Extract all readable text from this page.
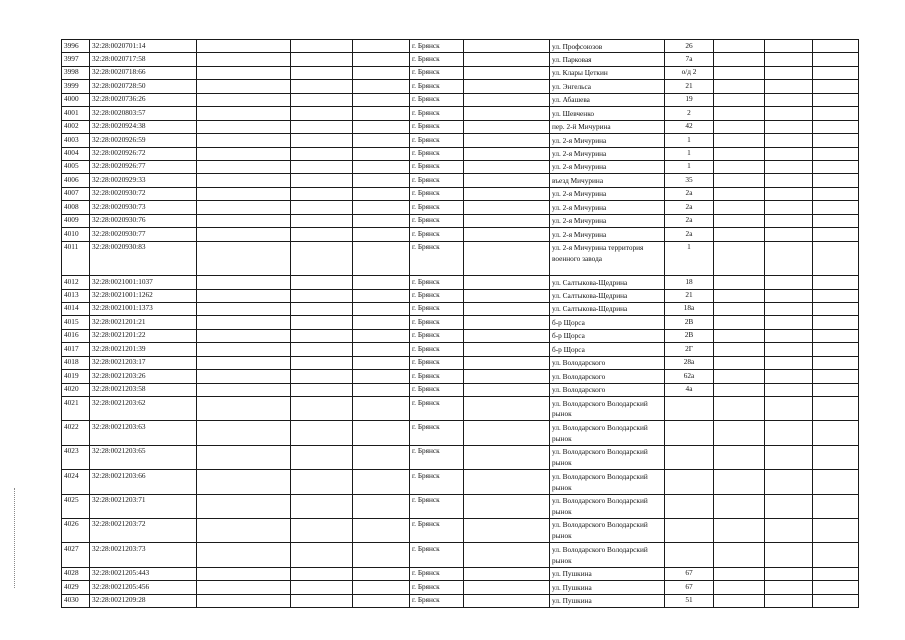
3996	32:28:0020701:14				г. Брянск		ул. Профсоюзов	26			
3997	32:28:0020717:58				г. Брянск		ул. Парковая	7а			
3998	32:28:0020718:66				г. Брянск		ул. Клары Цеткин	о/д 2			
3999	32:28:0020728:50				г. Брянск		ул. Энгельса	21			
4000	32:28:0020736:26				г. Брянск		ул. Абашева	19			
4001	32:28:0020803:57				г. Брянск		ул. Шевченко	2			
4002	32:28:0020924:38				г. Брянск		пер. 2-й Мичурина	42			
4003	32:28:0020926:59				г. Брянск		ул. 2-я Мичурина	1			
4004	32:28:0020926:72				г. Брянск		ул. 2-я Мичурина	1			
4005	32:28:0020926:77				г. Брянск		ул. 2-я Мичурина	1			
4006	32:28:0020929:33				г. Брянск		въезд Мичурина	35			
4007	32:28:0020930:72				г. Брянск		ул. 2-я Мичурина	2а			
4008	32:28:0020930:73				г. Брянск		ул. 2-я Мичурина	2а			
4009	32:28:0020930:76				г. Брянск		ул. 2-я Мичурина	2а			
4010	32:28:0020930:77				г. Брянск		ул. 2-я Мичурина	2а			
4011	32:28:0020930:83				г. Брянск		ул. 2-я Мичурина территория военного завода	1			
4012	32:28:0021001:1037				г. Брянск		ул. Салтыкова-Щедрина	18			
4013	32:28:0021001:1262				г. Брянск		ул. Салтыкова-Щедрина	21			
4014	32:28:0021001:1373				г. Брянск		ул. Салтыкова-Щедрина	18а			
4015	32:28:0021201:21				г. Брянск		б-р Щорса	2В			
4016	32:28:0021201:22				г. Брянск		б-р Щорса	2В			
4017	32:28:0021201:39				г. Брянск		б-р Щорса	2Г			
4018	32:28:0021203:17				г. Брянск		ул. Володарского	28а			
4019	32:28:0021203:26				г. Брянск		ул. Володарского	62а			
4020	32:28:0021203:58				г. Брянск		ул. Володарского	4а			
4021	32:28:0021203:62				г. Брянск		ул. Володарского Володарский рынок				
4022	32:28:0021203:63				г. Брянск		ул. Володарского Володарский рынок				
4023	32:28:0021203:65				г. Брянск		ул. Володарского Володарский рынок				
4024	32:28:0021203:66				г. Брянск		ул. Володарского Володарский рынок				
4025	32:28:0021203:71				г. Брянск		ул. Володарского Володарский рынок				
4026	32:28:0021203:72				г. Брянск		ул. Володарского Володарский рынок				
4027	32:28:0021203:73				г. Брянск		ул. Володарского Володарский рынок				
4028	32:28:0021205:443				г. Брянск		ул. Пушкина	67			
4029	32:28:0021205:456				г. Брянск		ул. Пушкина	67			
4030	32:28:0021209:28				г. Брянск		ул. Пушкина	51			
